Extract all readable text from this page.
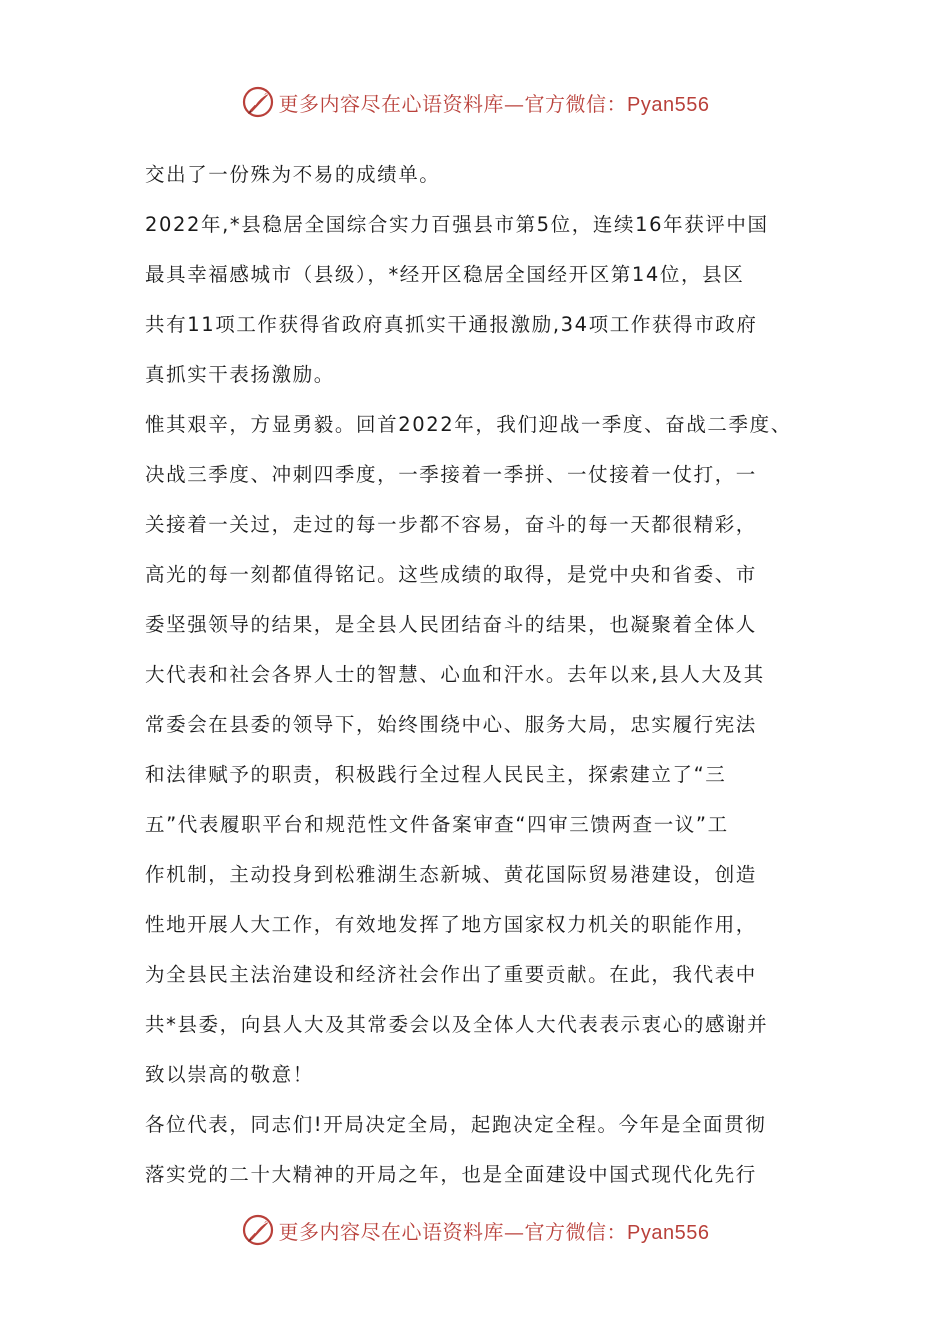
更多内容尽在心语资料库—官方微信：Pyan556
交出了一份殊为不易的成绩单。
2022年,*县稳居全国综合实力百强县市第5位，连续16年获评中国
最具幸福感城市（县级），*经开区稳居全国经开区第14位，县区
共有11项工作获得省政府真抓实干通报激励,34项工作获得市政府
真抓实干表扬激励。
惟其艰辛，方显勇毅。回首2022年，我们迎战一季度、奋战二季度、
决战三季度、冲刺四季度，一季接着一季拼、一仗接着一仗打，一
关接着一关过，走过的每一步都不容易，奋斗的每一天都很精彩，
高光的每一刻都值得铭记。这些成绩的取得，是党中央和省委、市
委坚强领导的结果，是全县人民团结奋斗的结果，也凝聚着全体人
大代表和社会各界人士的智慧、心血和汗水。去年以来,县人大及其
常委会在县委的领导下，始终围绕中心、服务大局，忠实履行宪法
和法律赋予的职责，积极践行全过程人民民主，探索建立了“三
五”代表履职平台和规范性文件备案审查“四审三馈两查一议”工
作机制，主动投身到松雅湖生态新城、黄花国际贸易港建设，创造
性地开展人大工作，有效地发挥了地方国家权力机关的职能作用，
为全县民主法治建设和经济社会作出了重要贡献。在此，我代表中
共*县委，向县人大及其常委会以及全体人大代表表示衷心的感谢并
致以崇高的敬意！
各位代表，同志们!开局决定全局，起跑决定全程。今年是全面贯彻
落实党的二十大精神的开局之年，也是全面建设中国式现代化先行
更多内容尽在心语资料库—官方微信：Pyan556
